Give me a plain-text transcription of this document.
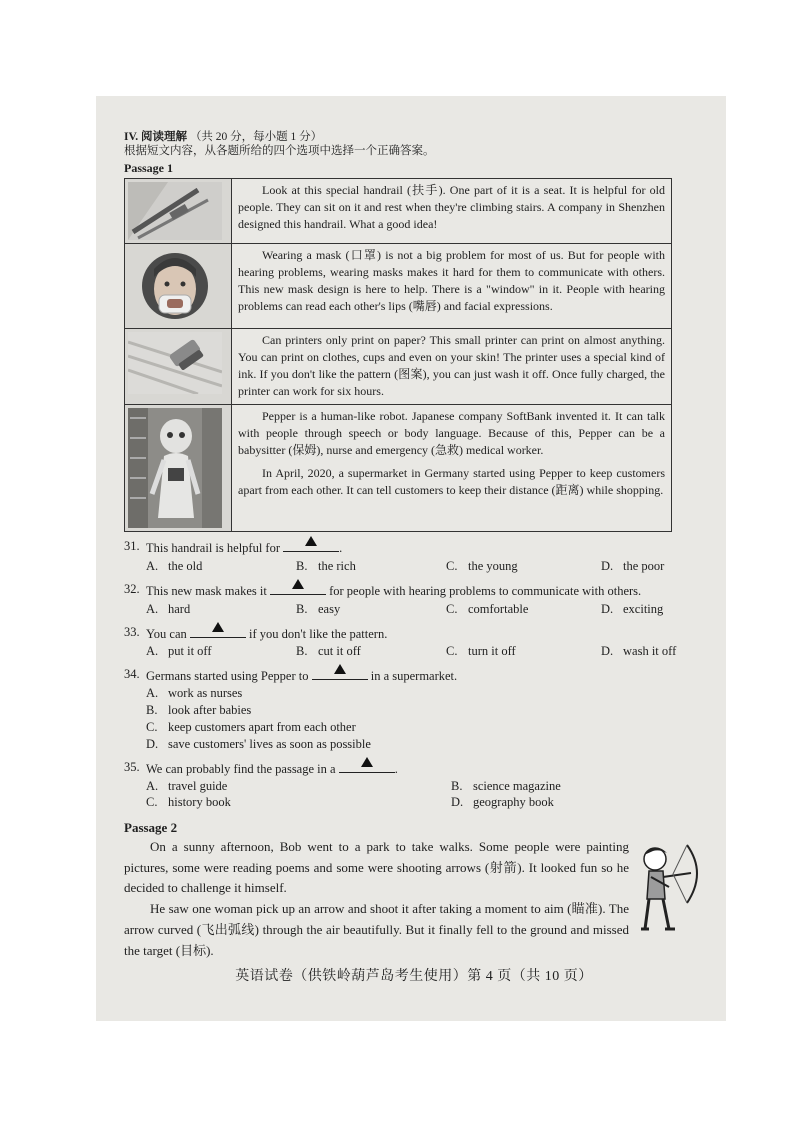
IV. 阅读理解 （共 20 分，每小题 1 分）
根据短文内容，从各题所给的四个选项中选择一个正确答案。
Passage 1

Look at this special handrail (扶手). One part of it is a seat. It is helpful for old people. They can sit on it and rest when they're climbing stairs. A company in Shenzhen designed this handrail. What a good idea!

Wearing a mask (口罩) is not a big problem for most of us. But for people with hearing problems, wearing masks makes it hard for them to communicate with others. This new mask design is here to help. There is a "window" in it. People with hearing problems can read each other's lips (嘴唇) and facial expressions.

Can printers only print on paper? This small printer can print on almost anything. You can print on clothes, cups and even on your skin! The printer uses a special kind of ink. If you don't like the pattern (图案), you can just wash it off. Once fully charged, the printer can work for six hours.

Pepper is a human-like robot. Japanese company SoftBank invented it. It can talk with people through speech or body language. Because of this, Pepper can be a babysitter (保姆), nurse and emergency (急救) medical worker.

In April, 2020, a supermarket in Germany started using Pepper to keep customers apart from each other. It can tell customers to keep their distance (距离) while shopping.

31. This handrail is helpful for	.
A. the old	B. the rich	C. the young	D. the poor
32. This new mask makes it	for people with hearing problems to communicate with others.
A. hard	B. easy	C. comfortable	D. exciting
33. You can	if you don't like the pattern.
A. put it off	B. cut it off	C. turn it off	D. wash it off
34. Germans started using Pepper to	in a supermarket.
A. work as nurses
B. look after babies
C. keep customers apart from each other
D. save customers' lives as soon as possible
35. We can probably find the passage in a	.
A. travel guide	B. science magazine
C. history book	D. geography book
Passage 2

On a sunny afternoon, Bob went to a park to take walks. Some people were painting pictures, some were reading poems and some were shooting arrows (射箭). It looked fun so he decided to challenge it himself.

He saw one woman pick up an arrow and shoot it after taking a moment to aim (瞄准). The arrow curved (飞出弧线) through the air beautifully. But it finally fell to the ground and missed the target (目标).

英语试卷（供铁岭葫芦岛考生使用）第 4 页（共 10 页）
